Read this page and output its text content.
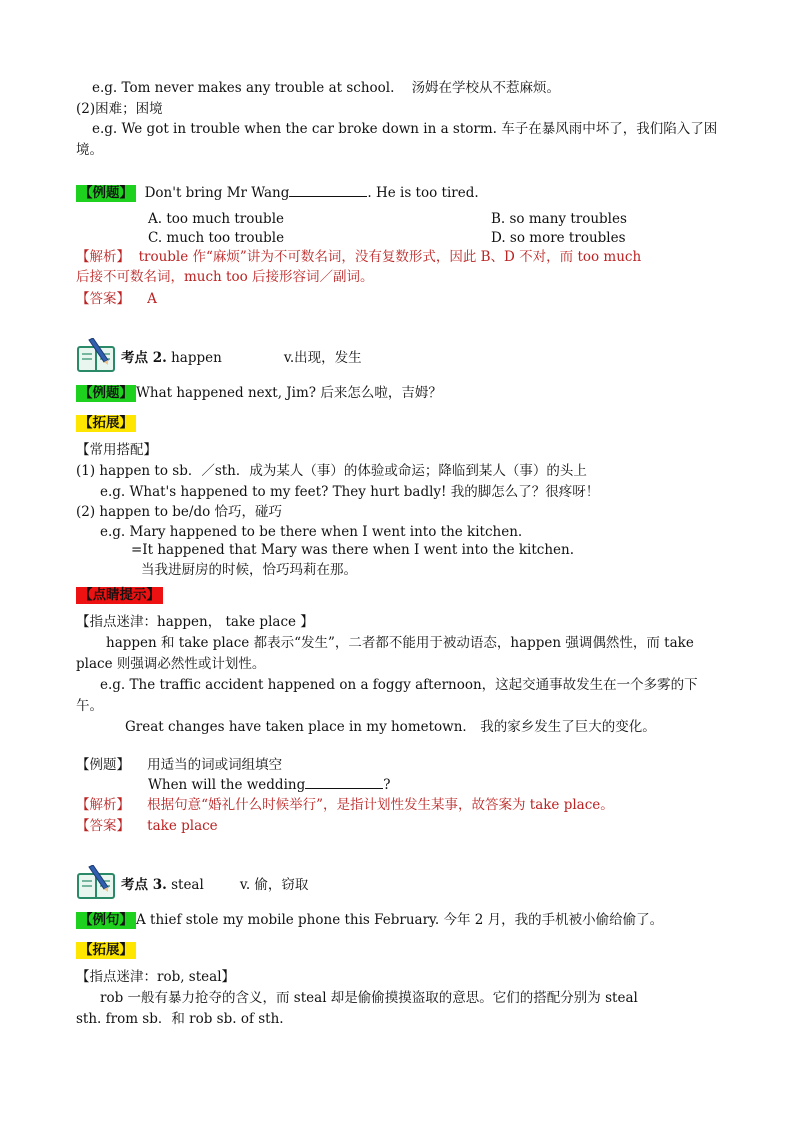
e.g. Tom never makes any trouble at school. 汤姆在学校从不惹麻烦。
(2)困难；困境
e.g. We got in trouble when the car broke down in a storm. 车子在暴风雨中坏了，我们陷入了困
境。
【例题】 Don't bring Mr Wang	. He is too tired.
A. too much trouble	B. so many troubles
C. much too trouble	D. so more troubles
【解析】 trouble 作“麻烦”讲为不可数名词，没有复数形式，因此 B、D 不对，而 too much
后接不可数名词，much too 后接形容词／副词。
【答案】 A
考点 2. happen	v.出现，发生
【例题】 What happened next, Jim? 后来怎么啦，吉姆？
【拓展】
【常用搭配】
(1) happen to sb．／sth．成为某人（事）的体验或命运；降临到某人（事）的头上
e.g. What's happened to my feet? They hurt badly! 我的脚怎么了？很疼呀！
(2) happen to be/do 恰巧，碰巧
e.g. Mary happened to be there when I went into the kitchen.
=It happened that Mary was there when I went into the kitchen.
当我进厨房的时候，恰巧玛莉在那。
【点睛提示】
【指点迷津：happen， take place 】
happen 和 take place 都表示“发生”，二者都不能用于被动语态，happen 强调偶然性，而 take
place 则强调必然性或计划性。
e.g. The traffic accident happened on a foggy afternoon，这起交通事故发生在一个多雾的下
午。
Great changes have taken place in my hometown． 我的家乡发生了巨大的变化。
【例题】 用适当的词或词组填空
When will the wedding	?
【解析】 根据句意“婚礼什么时候举行”，是指计划性发生某事，故答案为 take place。
【答案】 take place
考点 3. steal	v. 偷，窃取
【例句】 A thief stole my mobile phone this February. 今年 2 月，我的手机被小偷给偷了。
【拓展】
【指点迷津：rob, steal】
rob 一般有暴力抢夺的含义，而 steal 却是偷偷摸摸盗取的意思。它们的搭配分别为 steal
sth. from sb．和 rob sb. of sth.
